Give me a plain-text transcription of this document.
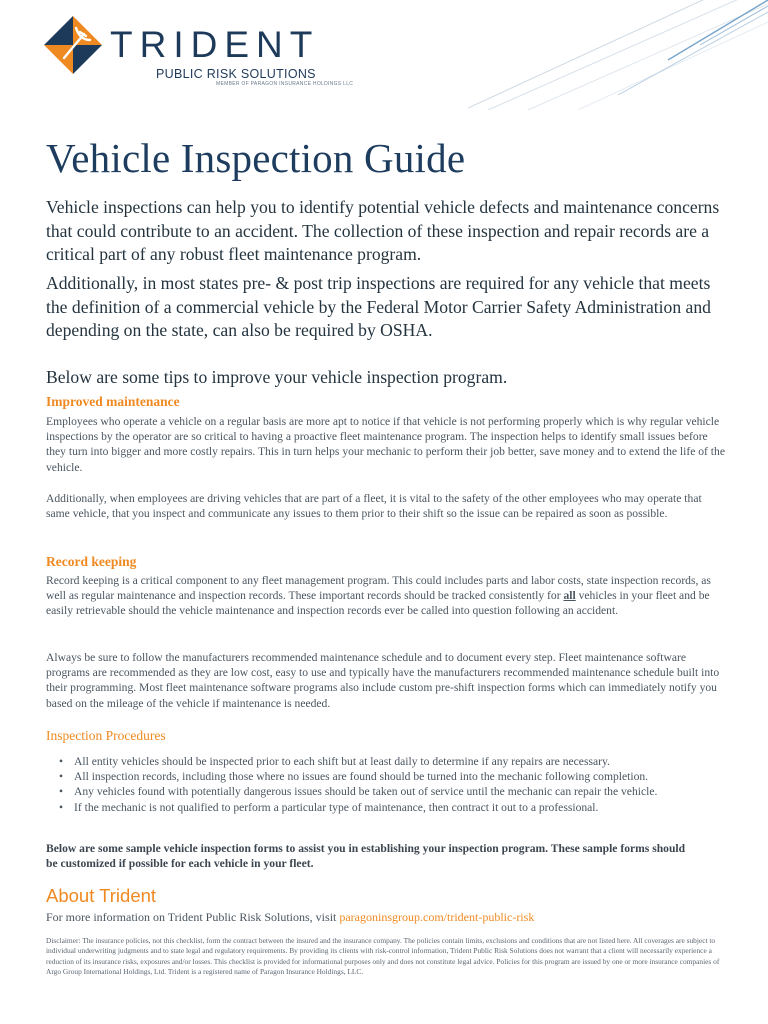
TRIDENT
PUBLIC RISK SOLUTIONS
MEMBER OF PARAGON INSURANCE HOLDINGS LLC
Vehicle Inspection Guide

Vehicle inspections can help you to identify potential vehicle defects and maintenance concerns that could contribute to an accident. The collection of these inspection and repair records are a critical part of any robust fleet maintenance program.

Additionally, in most states pre- & post trip inspections are required for any vehicle that meets the definition of a commercial vehicle by the Federal Motor Carrier Safety Administration and depending on the state, can also be required by OSHA.

Below are some tips to improve your vehicle inspection program.

Improved maintenance

Employees who operate a vehicle on a regular basis are more apt to notice if that vehicle is not performing properly which is why regular vehicle inspections by the operator are so critical to having a proactive fleet maintenance program. The inspection helps to identify small issues before they turn into bigger and more costly repairs. This in turn helps your mechanic to perform their job better, save money and to extend the life of the vehicle.

Additionally, when employees are driving vehicles that are part of a fleet, it is vital to the safety of the other employees who may operate that same vehicle, that you inspect and communicate any issues to them prior to their shift so the issue can be repaired as soon as possible.

Record keeping

Record keeping is a critical component to any fleet management program. This could includes parts and labor costs, state inspection records, as well as regular maintenance and inspection records. These important records should be tracked consistently for all vehicles in your fleet and be easily retrievable should the vehicle maintenance and inspection records ever be called into question following an accident.

Always be sure to follow the manufacturers recommended maintenance schedule and to document every step. Fleet maintenance software programs are recommended as they are low cost, easy to use and typically have the manufacturers recommended maintenance schedule built into their programming. Most fleet maintenance software programs also include custom pre-shift inspection forms which can immediately notify you based on the mileage of the vehicle if maintenance is needed.

Inspection Procedures
• All entity vehicles should be inspected prior to each shift but at least daily to determine if any repairs are necessary.
• All inspection records, including those where no issues are found should be turned into the mechanic following completion.
• Any vehicles found with potentially dangerous issues should be taken out of service until the mechanic can repair the vehicle.
• If the mechanic is not qualified to perform a particular type of maintenance, then contract it out to a professional.

Below are some sample vehicle inspection forms to assist you in establishing your inspection program. These sample forms should be customized if possible for each vehicle in your fleet.

About Trident

For more information on Trident Public Risk Solutions, visit paragoninsgroup.com/trident-public-risk

Disclaimer: The insurance policies, not this checklist, form the contract between the insured and the insurance company. The policies contain limits, exclusions and conditions that are not listed here. All coverages are subject to individual underwriting judgments and to state legal and regulatory requirements. By providing its clients with risk-control information, Trident Public Risk Solutions does not warrant that a client will necessarily experience a reduction of its insurance risks, exposures and/or losses. This checklist is provided for informational purposes only and does not constitute legal advice. Policies for this program are issued by one or more insurance companies of Argo Group International Holdings, Ltd. Trident is a registered name of Paragon Insurance Holdings, LLC.
